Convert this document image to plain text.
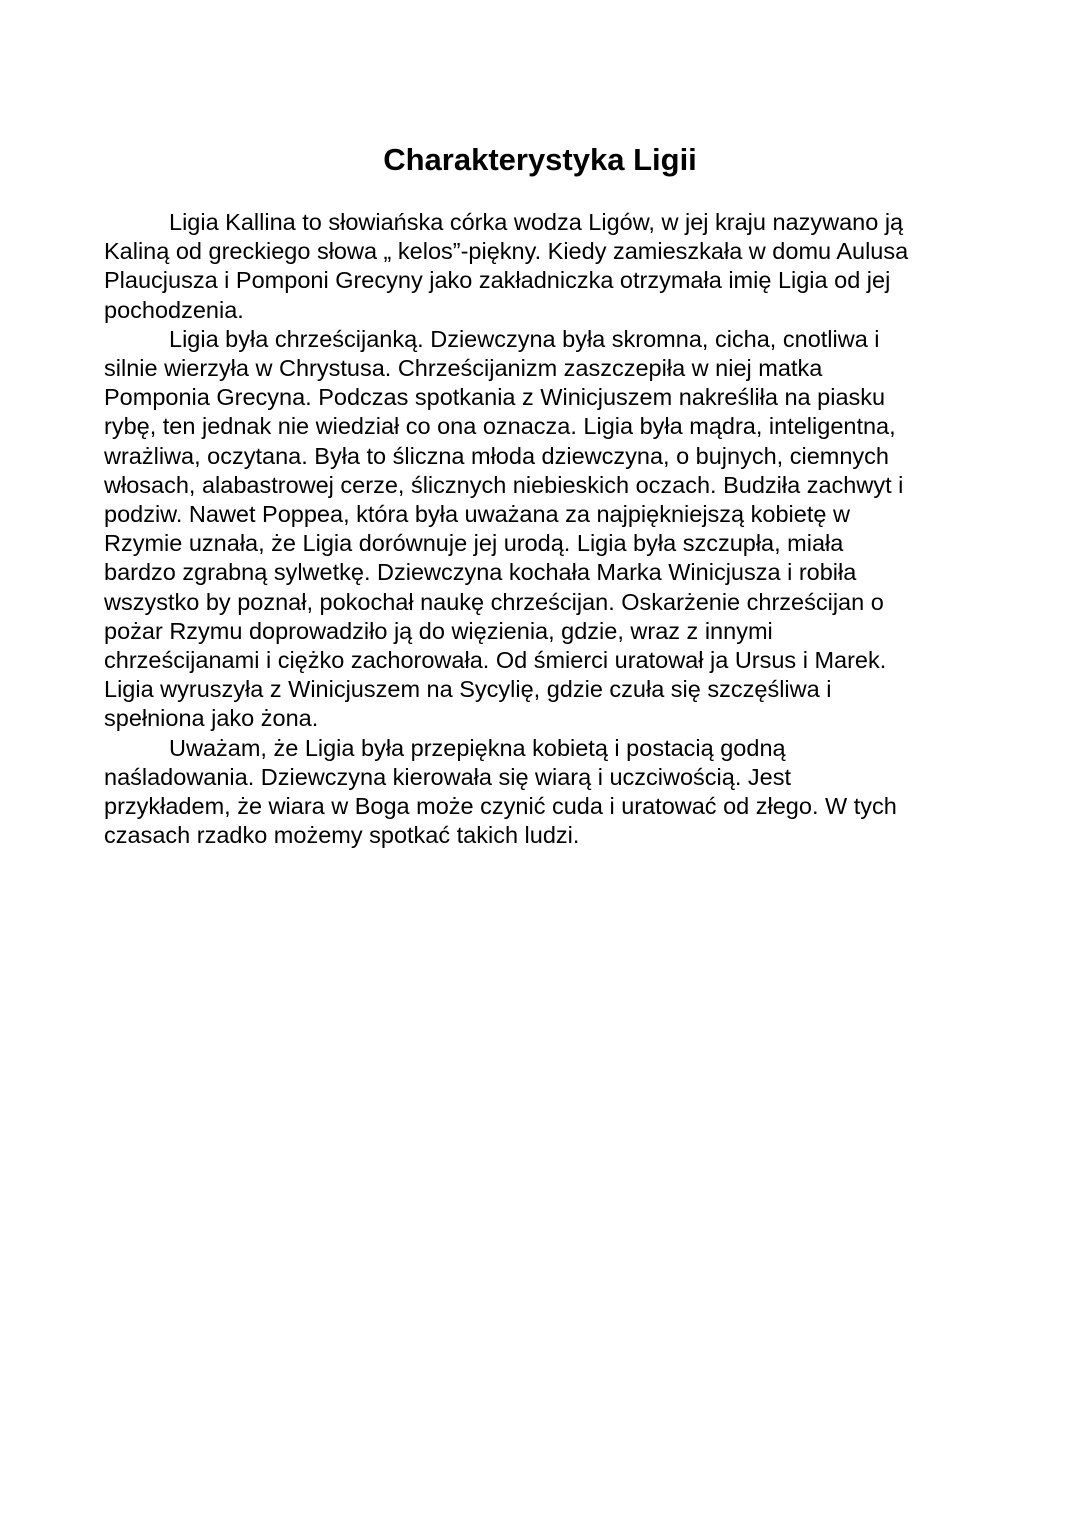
Charakterystyka Ligii
Ligia Kallina to słowiańska córka wodza Ligów, w jej kraju nazywano ją
Kaliną od greckiego słowa „ kelos”-piękny. Kiedy zamieszkała w domu Aulusa
Plaucjusza i Pomponi Grecyny jako zakładniczka otrzymała imię Ligia od jej
pochodzenia.
Ligia była chrześcijanką. Dziewczyna była skromna, cicha, cnotliwa i
silnie wierzyła w Chrystusa. Chrześcijanizm zaszczepiła w niej matka
Pomponia Grecyna. Podczas spotkania z Winicjuszem nakreśliła na piasku
rybę, ten jednak nie wiedział co ona oznacza. Ligia była mądra, inteligentna,
wrażliwa, oczytana. Była to śliczna młoda dziewczyna, o bujnych, ciemnych
włosach, alabastrowej cerze, ślicznych niebieskich oczach. Budziła zachwyt i
podziw. Nawet Poppea, która była uważana za najpiękniejszą kobietę w
Rzymie uznała, że Ligia dorównuje jej urodą. Ligia była szczupła, miała
bardzo zgrabną sylwetkę. Dziewczyna kochała Marka Winicjusza i robiła
wszystko by poznał, pokochał naukę chrześcijan. Oskarżenie chrześcijan o
pożar Rzymu doprowadziło ją do więzienia, gdzie, wraz z innymi
chrześcijanami i ciężko zachorowała. Od śmierci uratował ja Ursus i Marek.
Ligia wyruszyła z Winicjuszem na Sycylię, gdzie czuła się szczęśliwa i
spełniona jako żona.
Uważam, że Ligia była przepiękna kobietą i postacią godną
naśladowania. Dziewczyna kierowała się wiarą i uczciwością. Jest
przykładem, że wiara w Boga może czynić cuda i uratować od złego. W tych
czasach rzadko możemy spotkać takich ludzi.
